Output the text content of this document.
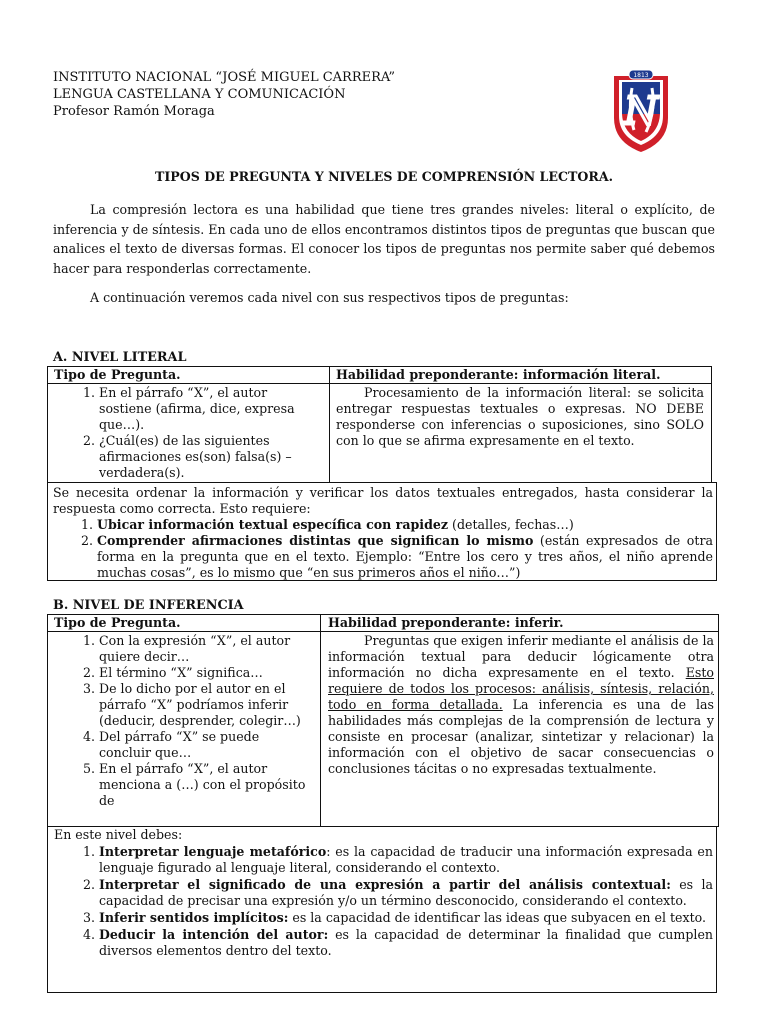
INSTITUTO NACIONAL “JOSÉ MIGUEL CARRERA”
LENGUA CASTELLANA Y COMUNICACIÓN
Profesor Ramón Moraga
1813
N
TIPOS DE PREGUNTA Y NIVELES DE COMPRENSIÓN LECTORA.
La compresión lectora es una habilidad que tiene tres grandes niveles: literal o explícito, de inferencia y de síntesis. En cada uno de ellos encontramos distintos tipos de preguntas que buscan que analices el texto de diversas formas. El conocer los tipos de preguntas nos permite saber qué debemos hacer para responderlas correctamente.
A continuación veremos cada nivel con sus respectivos tipos de preguntas:
A. NIVEL LITERAL
Tipo de Pregunta.	Habilidad preponderante: información literal.
1. En el párrafo “X”, el autor sostiene (afirma, dice, expresa que…).
2. ¿Cuál(es) de las siguientes afirmaciones es(son) falsa(s) – verdadera(s).
Procesamiento de la información literal: se solicita entregar respuestas textuales o expresas. NO DEBE responderse con inferencias o suposiciones, sino SOLO con lo que se afirma expresamente en el texto.
Se necesita ordenar la información y verificar los datos textuales entregados, hasta considerar la respuesta como correcta. Esto requiere:
1. Ubicar información textual específica con rapidez (detalles, fechas…)
2. Comprender afirmaciones distintas que significan lo mismo (están expresados de otra forma en la pregunta que en el texto. Ejemplo: “Entre los cero y tres años, el niño aprende muchas cosas”, es lo mismo que “en sus primeros años el niño…”)
B. NIVEL DE INFERENCIA
Tipo de Pregunta.	Habilidad preponderante: inferir.
1. Con la expresión “X”, el autor quiere decir…
2. El término “X” significa…
3. De lo dicho por el autor en el párrafo “X” podríamos inferir (deducir, desprender, colegir…)
4. Del párrafo “X” se puede concluir que…
5. En el párrafo “X”, el autor menciona a (…) con el propósito de
Preguntas que exigen inferir mediante el análisis de la información textual para deducir lógicamente otra información no dicha expresamente en el texto. Esto requiere de todos los procesos: análisis, síntesis, relación, todo en forma detallada. La inferencia es una de las habilidades más complejas de la comprensión de lectura y consiste en procesar (analizar, sintetizar y relacionar) la información con el objetivo de sacar consecuencias o conclusiones tácitas o no expresadas textualmente.
En este nivel debes:
1. Interpretar lenguaje metafórico: es la capacidad de traducir una información expresada en lenguaje figurado al lenguaje literal, considerando el contexto.
2. Interpretar el significado de una expresión a partir del análisis contextual: es la capacidad de precisar una expresión y/o un término desconocido, considerando el contexto.
3. Inferir sentidos implícitos: es la capacidad de identificar las ideas que subyacen en el texto.
4. Deducir la intención del autor: es la capacidad de determinar la finalidad que cumplen diversos elementos dentro del texto.
